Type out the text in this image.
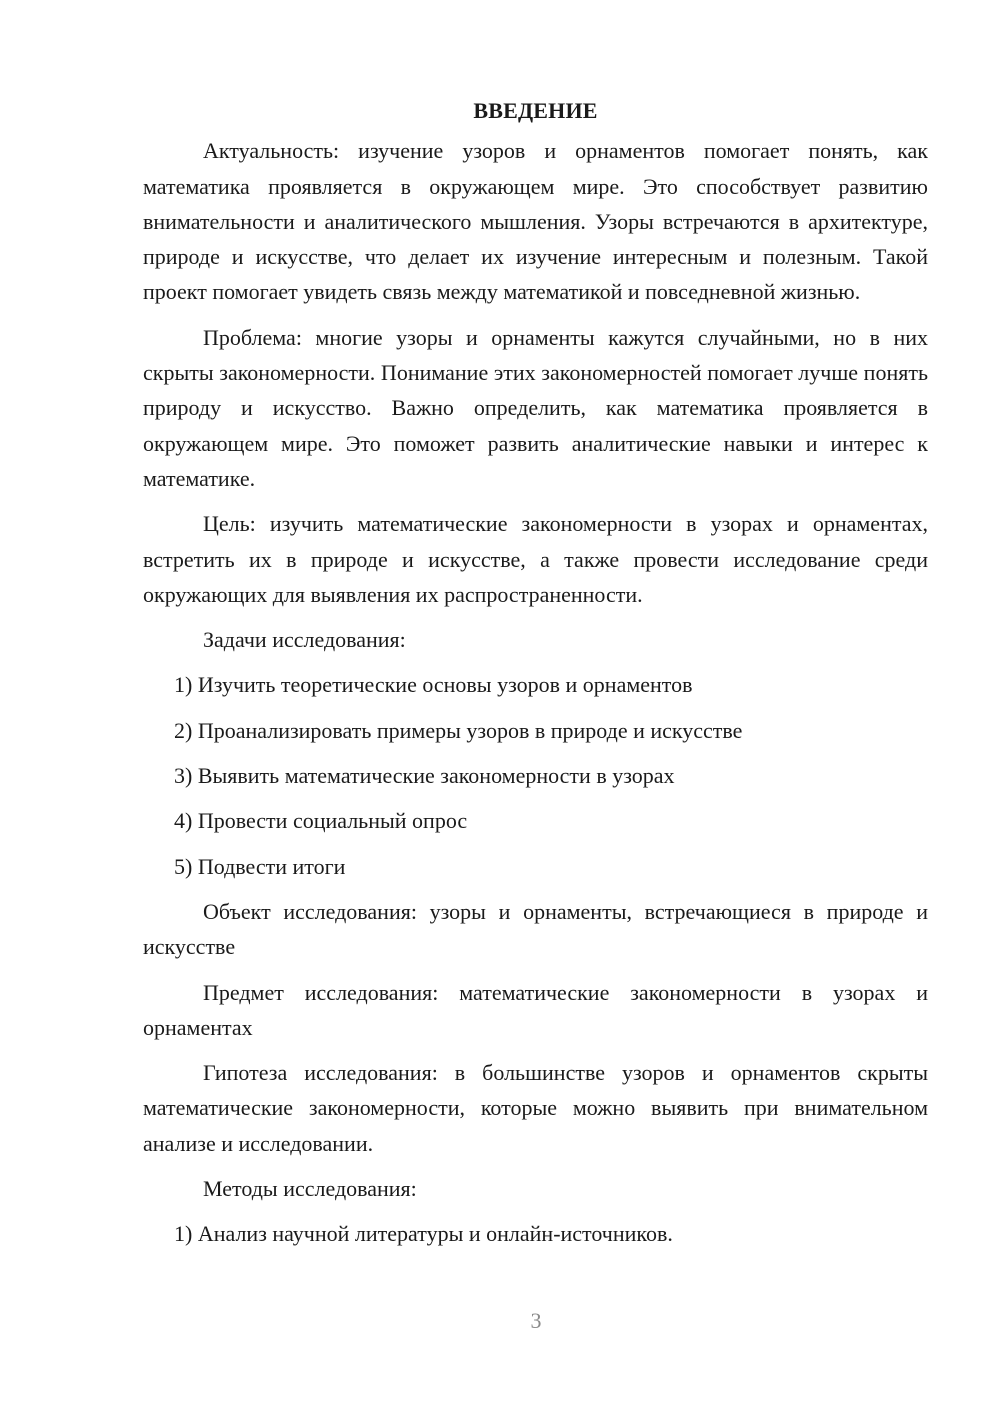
ВВЕДЕНИЕ

Актуальность: изучение узоров и орнаментов помогает понять, как математика проявляется в окружающем мире. Это способствует развитию внимательности и аналитического мышления. Узоры встречаются в архитектуре, природе и искусстве, что делает их изучение интересным и полезным. Такой проект помогает увидеть связь между математикой и повседневной жизнью.

Проблема: многие узоры и орнаменты кажутся случайными, но в них скрыты закономерности. Понимание этих закономерностей помогает лучше понять природу и искусство. Важно определить, как математика проявляется в окружающем мире. Это поможет развить аналитические навыки и интерес к математике.

Цель: изучить математические закономерности в узорах и орнаментах, встретить их в природе и искусстве, а также провести исследование среди окружающих для выявления их распространенности.

Задачи исследования:

1) Изучить теоретические основы узоров и орнаментов

2) Проанализировать примеры узоров в природе и искусстве

3) Выявить математические закономерности в узорах

4) Провести социальный опрос

5) Подвести итоги

Объект исследования: узоры и орнаменты, встречающиеся в природе и искусстве

Предмет исследования: математические закономерности в узорах и орнаментах

Гипотеза исследования: в большинстве узоров и орнаментов скрыты математические закономерности, которые можно выявить при внимательном анализе и исследовании.

Методы исследования:

1) Анализ научной литературы и онлайн-источников.

3
